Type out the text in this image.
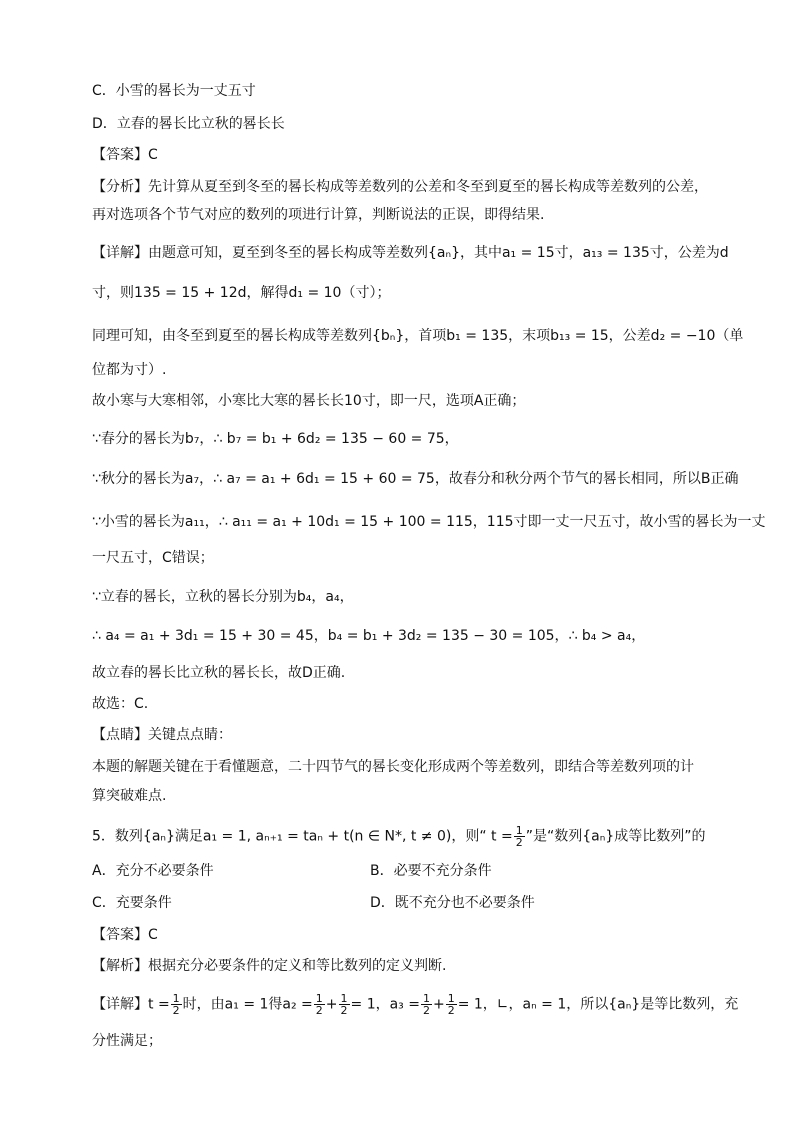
C．小雪的晷长为一丈五寸
D．立春的晷长比立秋的晷长长
【答案】C
【分析】先计算从夏至到冬至的晷长构成等差数列的公差和冬至到夏至的晷长构成等差数列的公差，
再对选项各个节气对应的数列的项进行计算，判断说法的正误，即得结果.
【详解】由题意可知，夏至到冬至的晷长构成等差数列{aₙ}，其中a₁ = 15寸，a₁₃ = 135寸，公差为d
寸，则135 = 15 + 12d，解得d₁ = 10（寸）；
同理可知，由冬至到夏至的晷长构成等差数列{bₙ}，首项b₁ = 135，末项b₁₃ = 15，公差d₂ = −10（单
位都为寸）.
故小寒与大寒相邻，小寒比大寒的晷长长10寸，即一尺，选项A正确；
∵春分的晷长为b₇，∴ b₇ = b₁ + 6d₂ = 135 − 60 = 75，
∵秋分的晷长为a₇，∴ a₇ = a₁ + 6d₁ = 15 + 60 = 75，故春分和秋分两个节气的晷长相同，所以B正确
∵小雪的晷长为a₁₁，∴ a₁₁ = a₁ + 10d₁ = 15 + 100 = 115，115寸即一丈一尺五寸，故小雪的晷长为一丈
一尺五寸，C错误；
∵立春的晷长，立秋的晷长分别为b₄，a₄，
∴ a₄ = a₁ + 3d₁ = 15 + 30 = 45，b₄ = b₁ + 3d₂ = 135 − 30 = 105，∴ b₄ > a₄，
故立春的晷长比立秋的晷长长，故D正确.
故选：C.
【点睛】关键点点睛：
本题的解题关键在于看懂题意，二十四节气的晷长变化形成两个等差数列，即结合等差数列项的计
算突破难点.
5．数列{aₙ}满足a₁ = 1, aₙ₊₁ = taₙ + t(n ∈ N*, t ≠ 0)，则“ $t = \frac{1}{2}$ ”是“数列{aₙ}成等比数列”的
A．充分不必要条件	B．必要不充分条件
C．充要条件	D．既不充分也不必要条件
【答案】C
【解析】根据充分必要条件的定义和等比数列的定义判断.
【详解】$t = \frac{1}{2}$ 时，由a₁ = 1得$a_2 = \frac{1}{2} + \frac{1}{2} = 1$，$a_3 = \frac{1}{2} + \frac{1}{2} = 1$，∟，aₙ = 1，所以{aₙ}是等比数列，充
分性满足；
